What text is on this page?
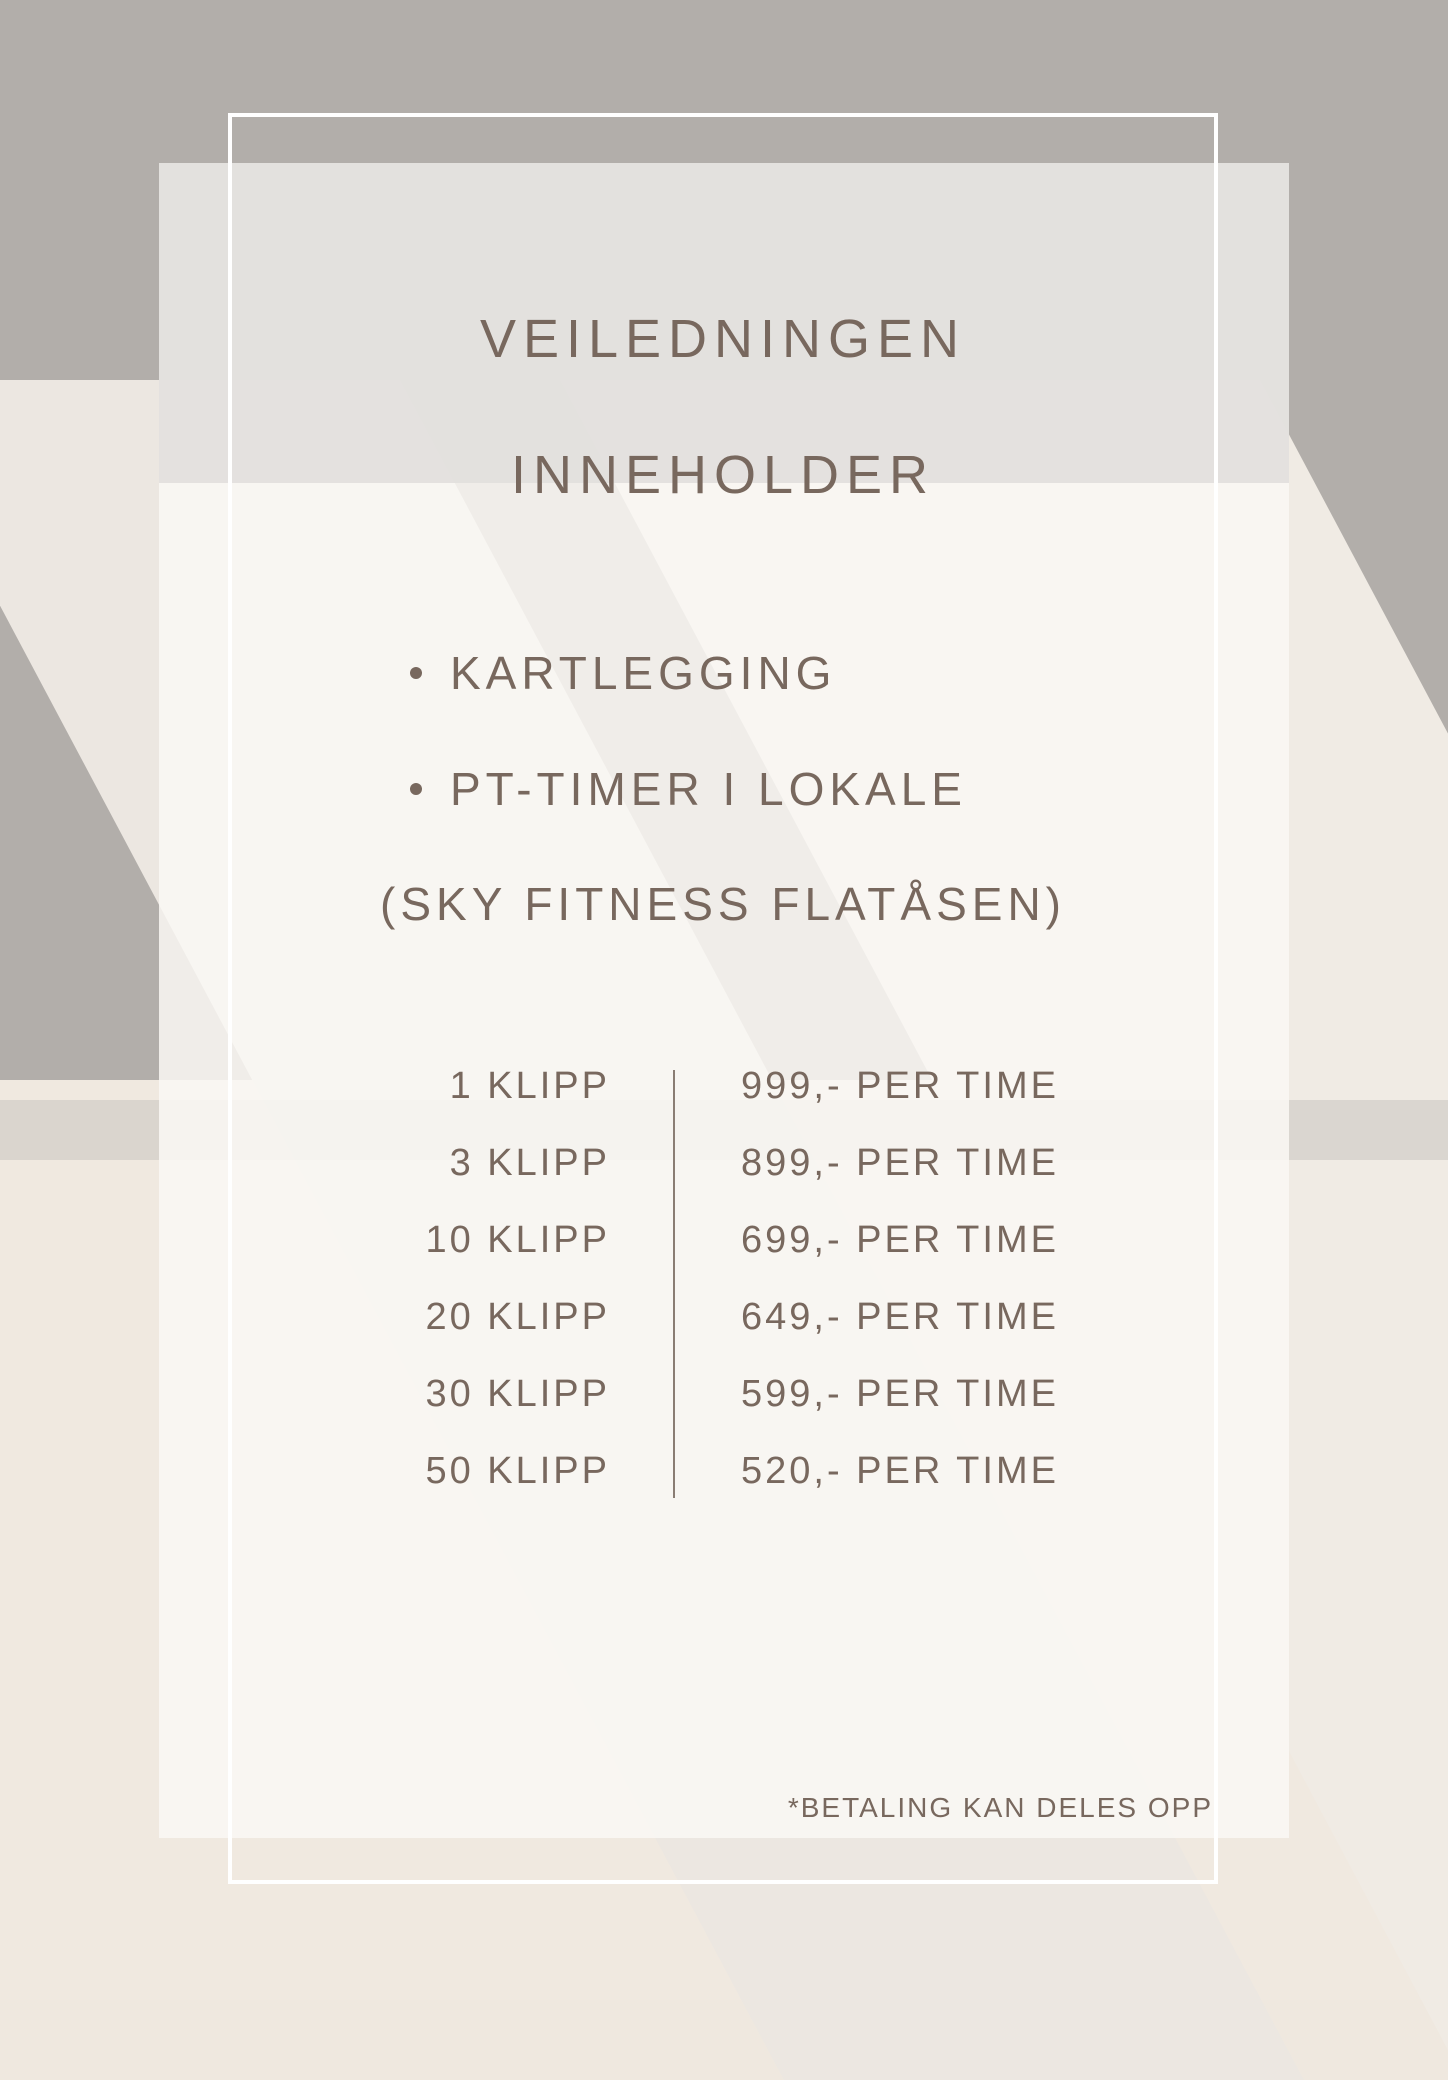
VEILEDNINGEN
INNEHOLDER
KARTLEGGING
PT-TIMER I LOKALE
(SKY FITNESS FLATÅSEN)
1 KLIPP	999,- PER TIME
3 KLIPP	899,- PER TIME
10 KLIPP	699,- PER TIME
20 KLIPP	649,- PER TIME
30 KLIPP	599,- PER TIME
50 KLIPP	520,- PER TIME
*BETALING KAN DELES OPP
